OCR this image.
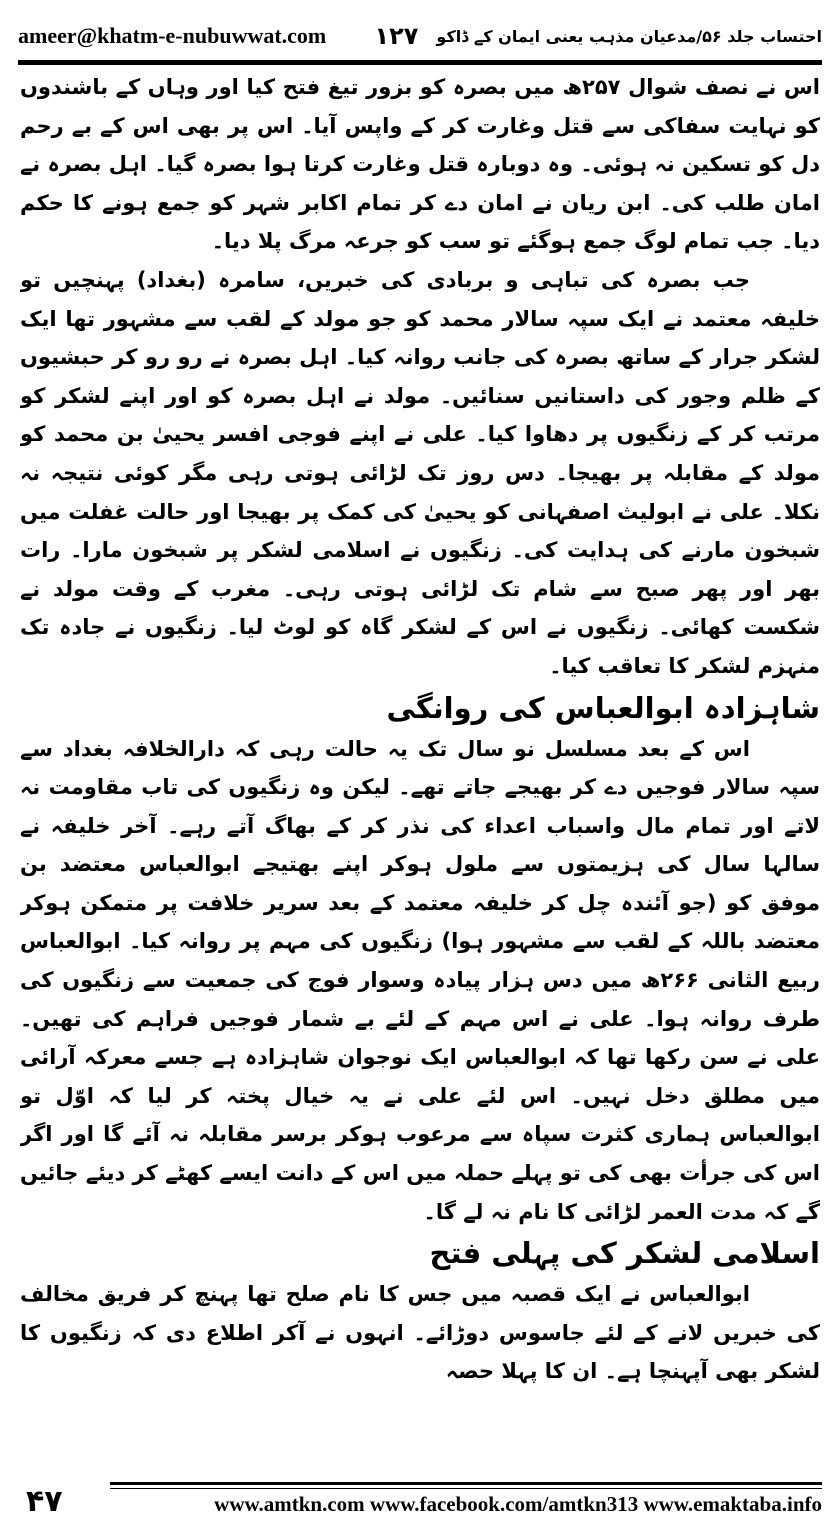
ameer@khatm-e-nubuwwat.com	احتساب جلد ۵۶/مدعیان مذہب یعنی ایمان کے ڈاکو
۱۲۷

اس نے نصف شوال ۲۵۷ھ میں بصرہ کو بزور تیغ فتح کیا اور وہاں کے باشندوں کو نہایت سفاکی سے قتل وغارت کر کے واپس آیا۔ اس پر بھی اس کے بے رحم دل کو تسکین نہ ہوئی۔ وہ دوبارہ قتل وغارت کرتا ہوا بصرہ گیا۔ اہل بصرہ نے امان طلب کی۔ ابن ریان نے امان دے کر تمام اکابر شہر کو جمع ہونے کا حکم دیا۔ جب تمام لوگ جمع ہوگئے تو سب کو جرعہ مرگ پلا دیا۔

جب بصرہ کی تباہی و بربادی کی خبریں، سامرہ (بغداد) پہنچیں تو خلیفہ معتمد نے ایک سپہ سالار محمد کو جو مولد کے لقب سے مشہور تھا ایک لشکر جرار کے ساتھ بصرہ کی جانب روانہ کیا۔ اہل بصرہ نے رو رو کر حبشیوں کے ظلم وجور کی داستانیں سنائیں۔ مولد نے اہل بصرہ کو اور اپنے لشکر کو مرتب کر کے زنگیوں پر دھاوا کیا۔ علی نے اپنے فوجی افسر یحییٰ بن محمد کو مولد کے مقابلہ پر بھیجا۔ دس روز تک لڑائی ہوتی رہی مگر کوئی نتیجہ نہ نکلا۔ علی نے ابولیث اصفہانی کو یحییٰ کی کمک پر بھیجا اور حالت غفلت میں شبخون مارنے کی ہدایت کی۔ زنگیوں نے اسلامی لشکر پر شبخون مارا۔ رات بھر اور پھر صبح سے شام تک لڑائی ہوتی رہی۔ مغرب کے وقت مولد نے شکست کھائی۔ زنگیوں نے اس کے لشکر گاہ کو لوٹ لیا۔ زنگیوں نے جادہ تک منہزم لشکر کا تعاقب کیا۔

شاہزادہ ابوالعباس کی روانگی

اس کے بعد مسلسل نو سال تک یہ حالت رہی کہ دارالخلافہ بغداد سے سپہ سالار فوجیں دے کر بھیجے جاتے تھے۔ لیکن وہ زنگیوں کی تاب مقاومت نہ لاتے اور تمام مال واسباب اعداء کی نذر کر کے بھاگ آتے رہے۔ آخر خلیفہ نے سالہا سال کی ہزیمتوں سے ملول ہوکر اپنے بھتیجے ابوالعباس معتضد بن موفق کو (جو آئندہ چل کر خلیفہ معتمد کے بعد سریر خلافت پر متمکن ہوکر معتضد باللہ کے لقب سے مشہور ہوا) زنگیوں کی مہم پر روانہ کیا۔ ابوالعباس ربیع الثانی ۲۶۶ھ میں دس ہزار پیادہ وسوار فوج کی جمعیت سے زنگیوں کی طرف روانہ ہوا۔ علی نے اس مہم کے لئے بے شمار فوجیں فراہم کی تھیں۔ علی نے سن رکھا تھا کہ ابوالعباس ایک نوجوان شاہزادہ ہے جسے معرکہ آرائی میں مطلق دخل نہیں۔ اس لئے علی نے یہ خیال پختہ کر لیا کہ اوّل تو ابوالعباس ہماری کثرت سپاہ سے مرعوب ہوکر برسر مقابلہ نہ آئے گا اور اگر اس کی جرأت بھی کی تو پہلے حملہ میں اس کے دانت ایسے کھٹے کر دیئے جائیں گے کہ مدت العمر لڑائی کا نام نہ لے گا۔

اسلامی لشکر کی پہلی فتح

ابوالعباس نے ایک قصبہ میں جس کا نام صلح تھا پہنچ کر فریق مخالف کی خبریں لانے کے لئے جاسوس دوڑائے۔ انہوں نے آکر اطلاع دی کہ زنگیوں کا لشکر بھی آپہنچا ہے۔ ان کا پہلا حصہ

۴۷	www.amtkn.com www.facebook.com/amtkn313 www.emaktaba.info
